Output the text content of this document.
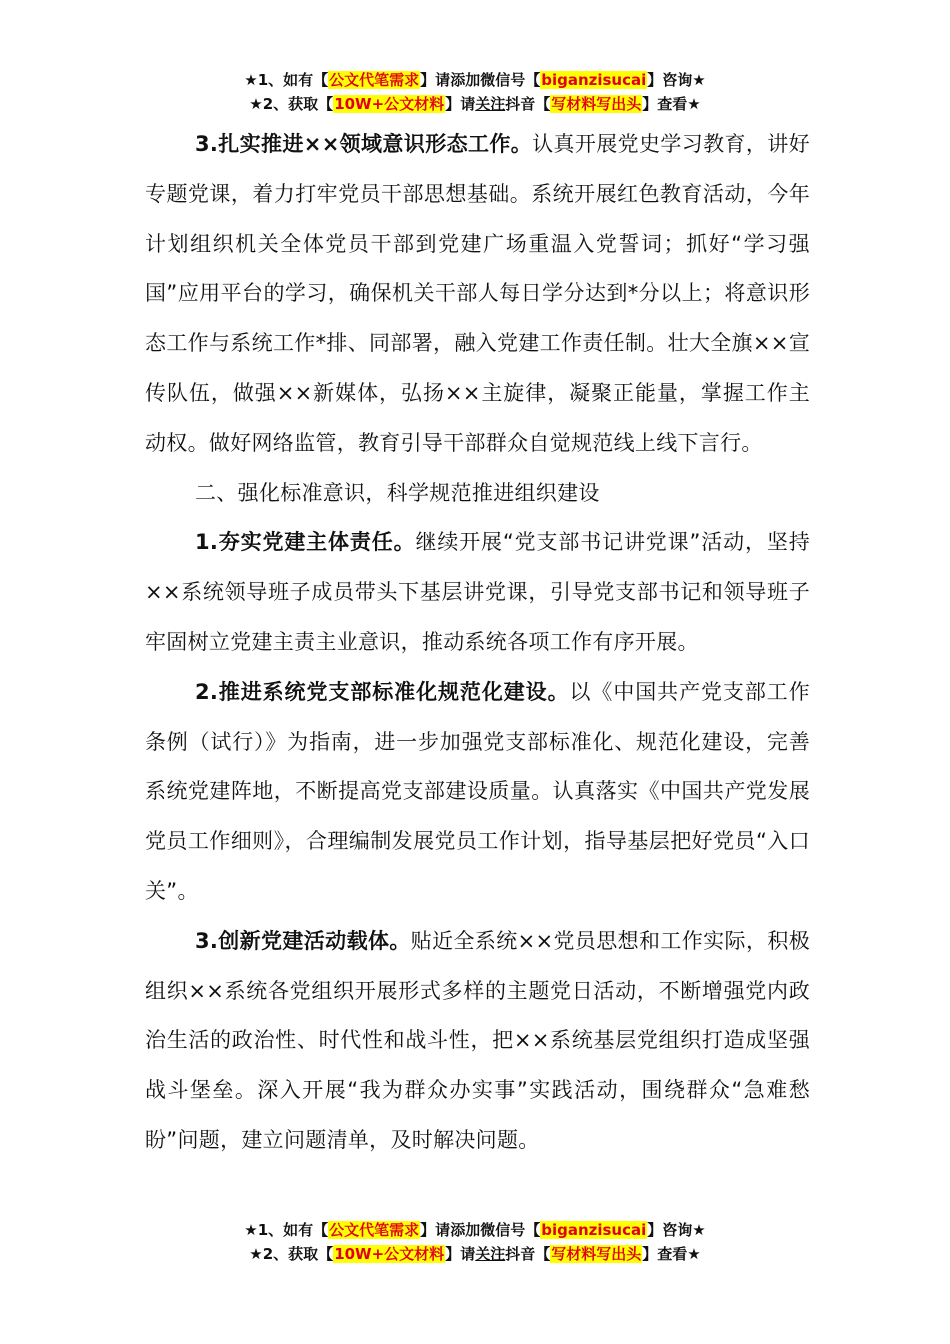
★1、如有【公文代笔需求】请添加微信号【biganzisucai】咨询★
★2、获取【10W+公文材料】请关注抖音【写材料写出头】查看★

3.扎实推进××领域意识形态工作。认真开展党史学习教育，讲好专题党课，着力打牢党员干部思想基础。系统开展红色教育活动，今年计划组织机关全体党员干部到党建广场重温入党誓词；抓好“学习强国”应用平台的学习，确保机关干部人每日学分达到*分以上；将意识形态工作与系统工作*排、同部署，融入党建工作责任制。壮大全旗××宣传队伍，做强××新媒体，弘扬××主旋律，凝聚正能量，掌握工作主动权。做好网络监管，教育引导干部群众自觉规范线上线下言行。

二、强化标准意识，科学规范推进组织建设

1.夯实党建主体责任。继续开展“党支部书记讲党课”活动，坚持××系统领导班子成员带头下基层讲党课，引导党支部书记和领导班子牢固树立党建主责主业意识，推动系统各项工作有序开展。

2.推进系统党支部标准化规范化建设。以《中国共产党支部工作条例（试行）》为指南，进一步加强党支部标准化、规范化建设，完善系统党建阵地，不断提高党支部建设质量。认真落实《中国共产党发展党员工作细则》，合理编制发展党员工作计划，指导基层把好党员“入口关”。

3.创新党建活动载体。贴近全系统××党员思想和工作实际，积极组织××系统各党组织开展形式多样的主题党日活动，不断增强党内政治生活的政治性、时代性和战斗性，把××系统基层党组织打造成坚强战斗堡垒。深入开展“我为群众办实事”实践活动，围绕群众“急难愁盼”问题，建立问题清单，及时解决问题。

★1、如有【公文代笔需求】请添加微信号【biganzisucai】咨询★
★2、获取【10W+公文材料】请关注抖音【写材料写出头】查看★
